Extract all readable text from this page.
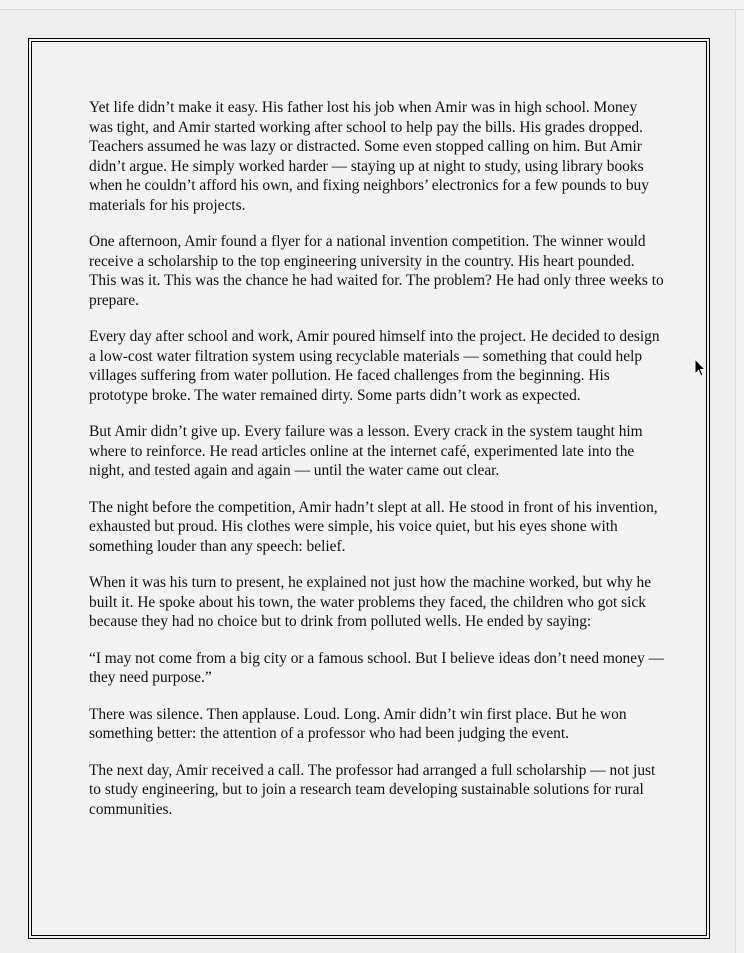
Yet life didn’t make it easy. His father lost his job when Amir was in high school. Money was tight, and Amir started working after school to help pay the bills. His grades dropped. Teachers assumed he was lazy or distracted. Some even stopped calling on him. But Amir didn’t argue. He simply worked harder — staying up at night to study, using library books when he couldn’t afford his own, and fixing neighbors’ electronics for a few pounds to buy materials for his projects.

One afternoon, Amir found a flyer for a national invention competition. The winner would receive a scholarship to the top engineering university in the country. His heart pounded. This was it. This was the chance he had waited for. The problem? He had only three weeks to prepare.

Every day after school and work, Amir poured himself into the project. He decided to design a low-cost water filtration system using recyclable materials — something that could help villages suffering from water pollution. He faced challenges from the beginning. His prototype broke. The water remained dirty. Some parts didn’t work as expected.

But Amir didn’t give up. Every failure was a lesson. Every crack in the system taught him where to reinforce. He read articles online at the internet café, experimented late into the night, and tested again and again — until the water came out clear.

The night before the competition, Amir hadn’t slept at all. He stood in front of his invention, exhausted but proud. His clothes were simple, his voice quiet, but his eyes shone with something louder than any speech: belief.

When it was his turn to present, he explained not just how the machine worked, but why he built it. He spoke about his town, the water problems they faced, the children who got sick because they had no choice but to drink from polluted wells. He ended by saying:

“I may not come from a big city or a famous school. But I believe ideas don’t need money — they need purpose.”

There was silence. Then applause. Loud. Long. Amir didn’t win first place. But he won something better: the attention of a professor who had been judging the event.

The next day, Amir received a call. The professor had arranged a full scholarship — not just to study engineering, but to join a research team developing sustainable solutions for rural communities.
